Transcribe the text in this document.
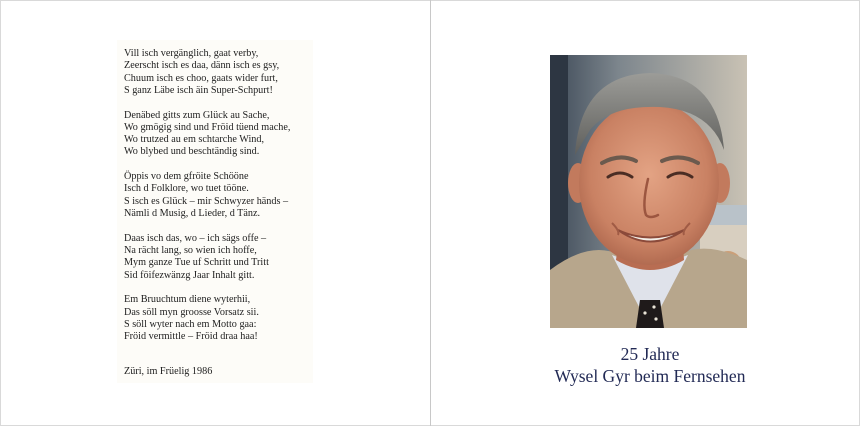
Vill isch vergänglich, gaat verby,
Zeerscht isch es daa, dänn isch es gsy,
Chuum isch es choo, gaats wider furt,
S ganz Läbe isch äin Super-Schpurt!
Denäbed gitts zum Glück au Sache,
Wo gmögig sind und Fröid tüend mache,
Wo trutzed au em schtarche Wind,
Wo blybed und beschtändig sind.
Öppis vo dem gfröite Schööne
Isch d Folklore, wo tuet tööne.
S isch es Glück – mir Schwyzer händs –
Nämli d Musig, d Lieder, d Tänz.
Daas isch das, wo – ich sägs offe –
Na rächt lang, so wien ich hoffe,
Mym ganze Tue uf Schritt und Tritt
Sid föifezwänzg Jaar Inhalt gitt.
Em Bruuchtum diene wyterhii,
Das söll myn groosse Vorsatz sii.
S söll wyter nach em Motto gaa:
Fröid vermittle – Fröid draa haa!
Züri, im Früelig 1986
25 Jahre
Wysel Gyr beim Fernsehen
